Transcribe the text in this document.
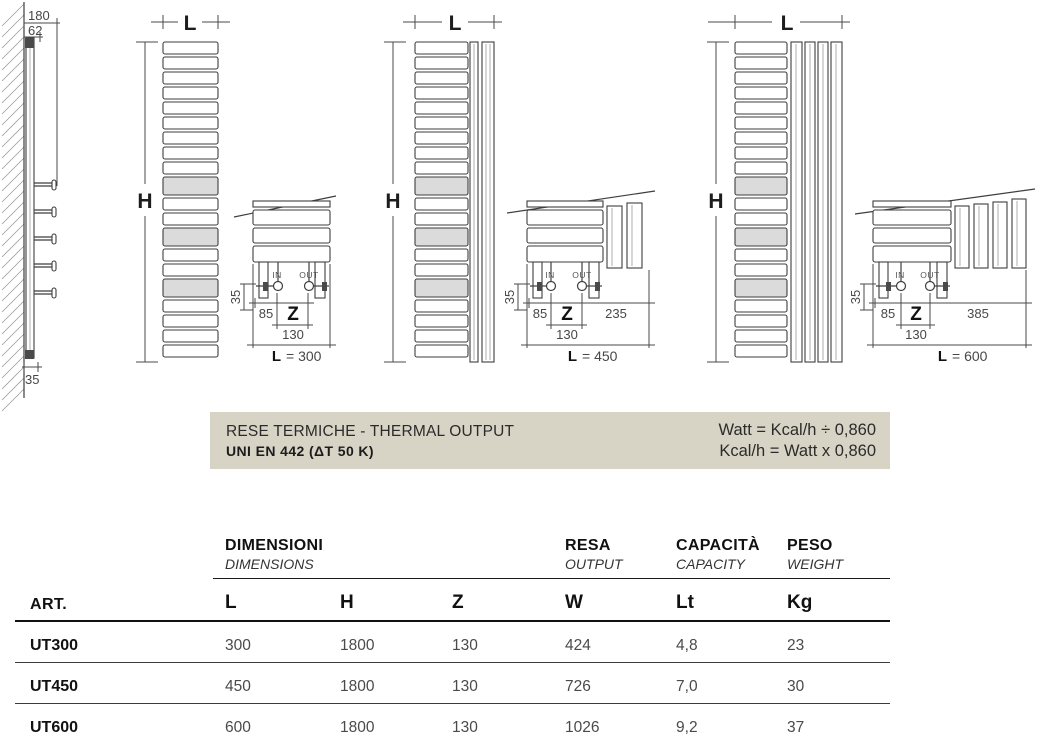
180
62
35
L
H
L
H
L
H
IN OUT
35
85 Z
130
L = 300
IN OUT
35
85 Z 235
130
L = 450
IN OUT
35
85 Z	385
130
L = 600
RESE TERMICHE - THERMAL OUTPUT
UNI EN 442 (ΔT 50 K)
Watt = Kcal/h ÷ 0,860
Kcal/h = Watt x 0,860

DIMENSIONI
DIMENSIONS

RESA
OUTPUT

CAPACITÀ
CAPACITY

PESO
WEIGHT

ART.	L	H	Z	W	Lt	Kg
UT300	300	1800	130	424	4,8	23
UT450	450	1800	130	726	7,0	30
UT600	600	1800	130	1026	9,2	37
